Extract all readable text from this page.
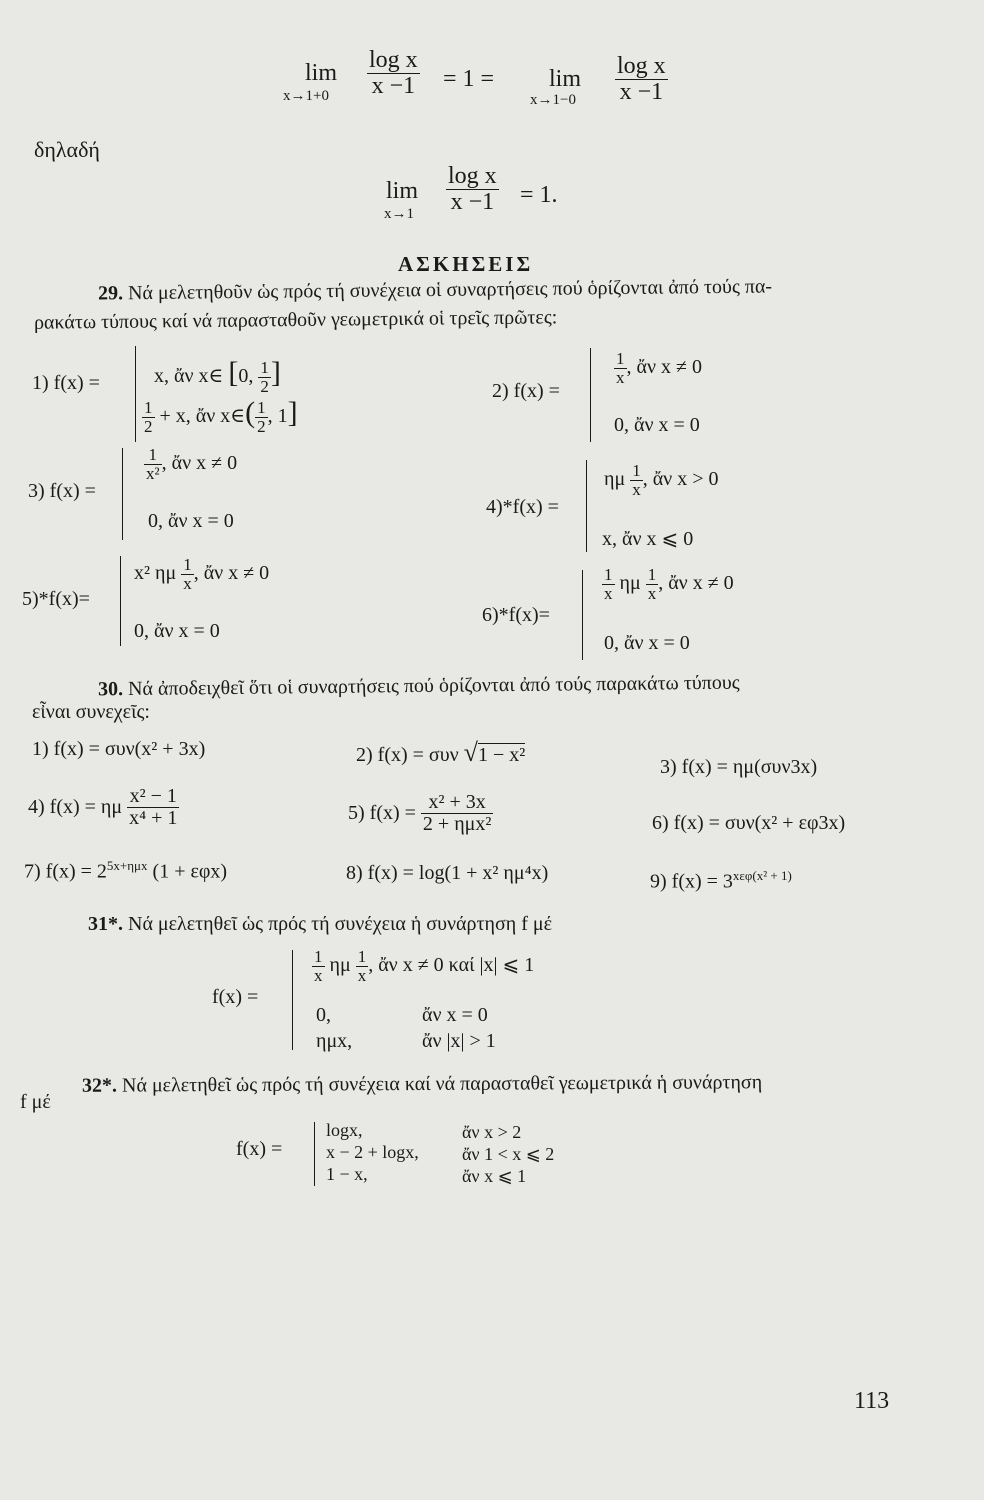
lim
$x\to 1+0 \frac{\text{log x}}{x -1} = 1 = \lim$
$x\to 1-0 \frac{\text{log x}}{x -1}$
δηλαδή
lim
$x\to 1 \frac{\text{log x}}{x -1} = 1$.
ΑΣΚΗΣΕΙΣ
29. Νά μελετηθοῦν ὡς πρός τή συνέχεια οἱ συναρτήσεις πού ὁρίζονται ἀπό τούς πα-
ρακάτω τύπους καί νά παρασταθοῦν γεωμετρικά οἱ τρεῖς πρῶτες:
1) f(x) =	x, ἄν x∈ [0, $\frac{1}{2}$ ]
$\frac{1}{2} + x$, ἄν x∈( $\frac{1}{2}$ , 1]
2) f(x) =
$\frac{1}{x}$ , ἄν x ≠ 0
0, ἄν x = 0
3) f(x) =
$\frac{1}{\text{x²}}$ , ἄν x ≠ 0
0, ἄν x = 0
4)*f(x) =
ημ $\frac{1}{x}$ , ἄν x > 0
x, ἄν x ⩽ 0
5)*f(x)=
x² ημ $\frac{1}{x}$ , ἄν x ≠ 0
0, ἄν x = 0
6)*f(x)=
$\frac{1}{x}$ ημ $\frac{1}{x}$ , ἄν x ≠ 0
0, ἄν x = 0
30. Νά ἀποδειχθεῖ ὅτι οἱ συναρτήσεις πού ὁρίζονται ἀπό τούς παρακάτω τύπους
εἶναι συνεχεῖς:
1) f(x) = συν(x² + 3x)	2) f(x) = συν √1 − x²
3) f(x) = ημ(συν3x)
4) f(x) = ημ $\frac{\text{x² − 1}}{\text{x⁴ + 1}}$	5) $f(x) = \frac{\text{x² + 3x}}{\text{2 + ημx²}}$	6) f(x) = συν(x² + εφ3x)
7) $f(x) = 2^{5x+\eta\mu x}$ (1 + εφx)	8) f(x) = log(1 + x² ημ⁴x)	9) $f(x) = 3^{x\varepsilon\varphi(x^2 + 1)}$
31*. Νά μελετηθεῖ ὡς πρός τή συνέχεια ἡ συνάρτηση f μέ
f(x) =
$\frac{1}{x}$ ημ $\frac{1}{x}$ , ἄν x ≠ 0 καί |x| ⩽ 1
0,	ἄν x = 0
ημx,	ἄν |x| > 1
32*. Νά μελετηθεῖ ὡς πρός τή συνέχεια καί νά παρασταθεῖ γεωμετρικά ἡ συνάρτηση
f μέ
f(x) =
logx,	ἄν x > 2
x − 2 + logx, ἄν 1 < x ⩽ 2
1 − x,	ἄν x ⩽ 1
113
